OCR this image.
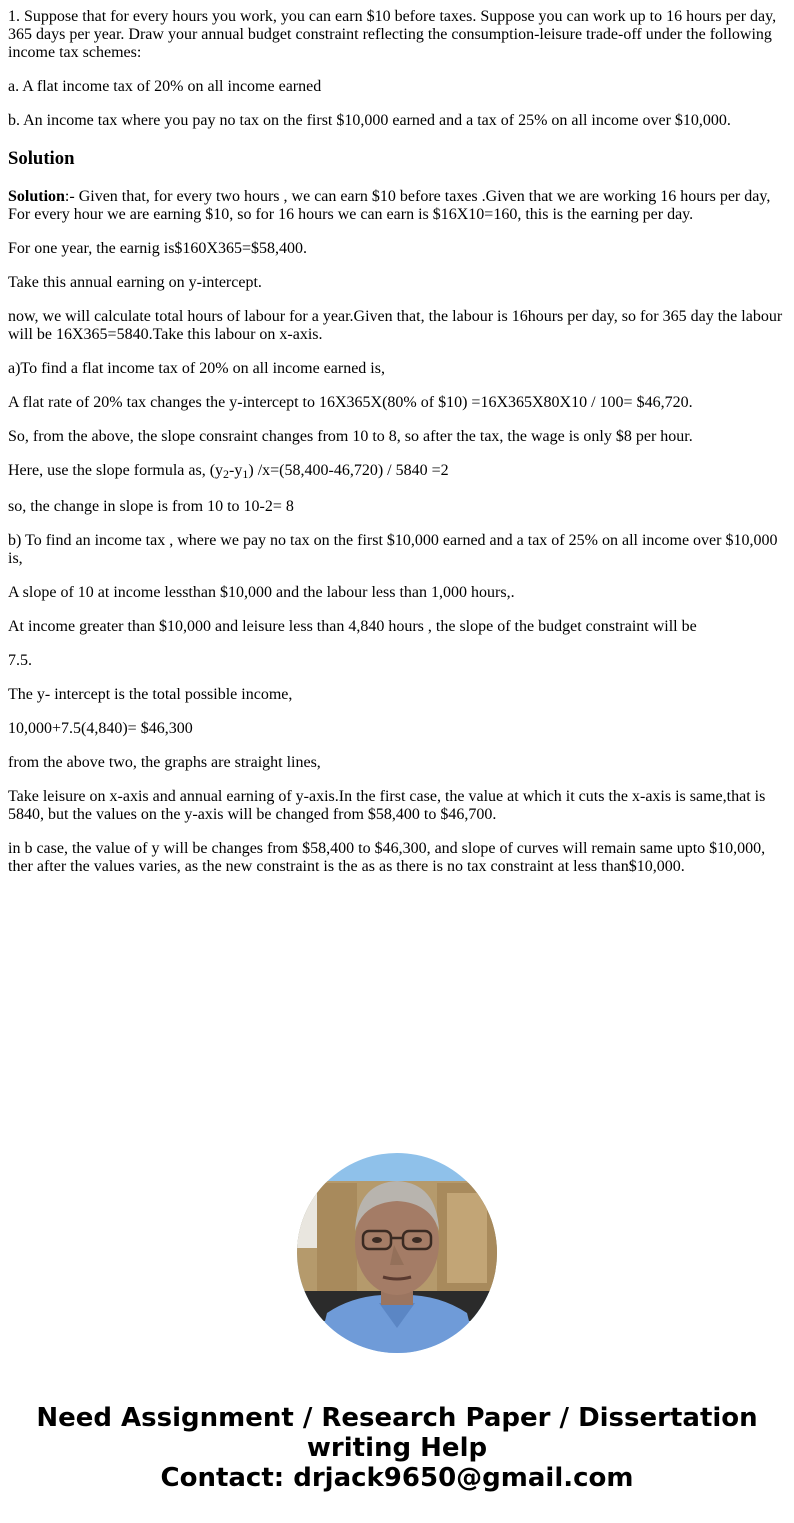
1. Suppose that for every hours you work, you can earn $10 before taxes. Suppose you can work up to 16 hours per day, 365 days per year. Draw your annual budget constraint reflecting the consumption-leisure trade-off under the following income tax schemes:

a. A flat income tax of 20% on all income earned

b. An income tax where you pay no tax on the first $10,000 earned and a tax of 25% on all income over $10,000.

Solution

Solution:- Given that, for every two hours , we can earn $10 before taxes .Given that we are working 16 hours per day, For every hour we are earning $10, so for 16 hours we can earn is $16X10=160, this is the earning per day.

For one year, the earnig is$160X365=$58,400.

Take this annual earning on y-intercept.

now, we will calculate total hours of labour for a year.Given that, the labour is 16hours per day, so for 365 day the labour will be 16X365=5840.Take this labour on x-axis.

a)To find a flat income tax of 20% on all income earned is,

A flat rate of 20% tax changes the y-intercept to 16X365X(80% of $10) =16X365X80X10 / 100= $46,720.

So, from the above, the slope consraint changes from 10 to 8, so after the tax, the wage is only $8 per hour.

Here, use the slope formula as, $(y_2-y_1)$ /x=(58,400-46,720) / 5840 =2

so, the change in slope is from 10 to 10-2= 8

b) To find an income tax , where we pay no tax on the first $10,000 earned and a tax of 25% on all income over $10,000 is,

A slope of 10 at income lessthan $10,000 and the labour less than 1,000 hours,.

At income greater than $10,000 and leisure less than 4,840 hours , the slope of the budget constraint will be

7.5.

The y- intercept is the total possible income,

10,000+7.5(4,840)= $46,300

from the above two, the graphs are straight lines,

Take leisure on x-axis and annual earning of y-axis.In the first case, the value at which it cuts the x-axis is same,that is 5840, but the values on the y-axis will be changed from $58,400 to $46,700.

in b case, the value of y will be changes from $58,400 to $46,300, and slope of curves will remain same upto $10,000, ther after the values varies, as the new constraint is the as as there is no tax constraint at less than$10,000.

Need Assignment / Research Paper / Dissertation
writing Help
Contact: drjack9650@gmail.com
